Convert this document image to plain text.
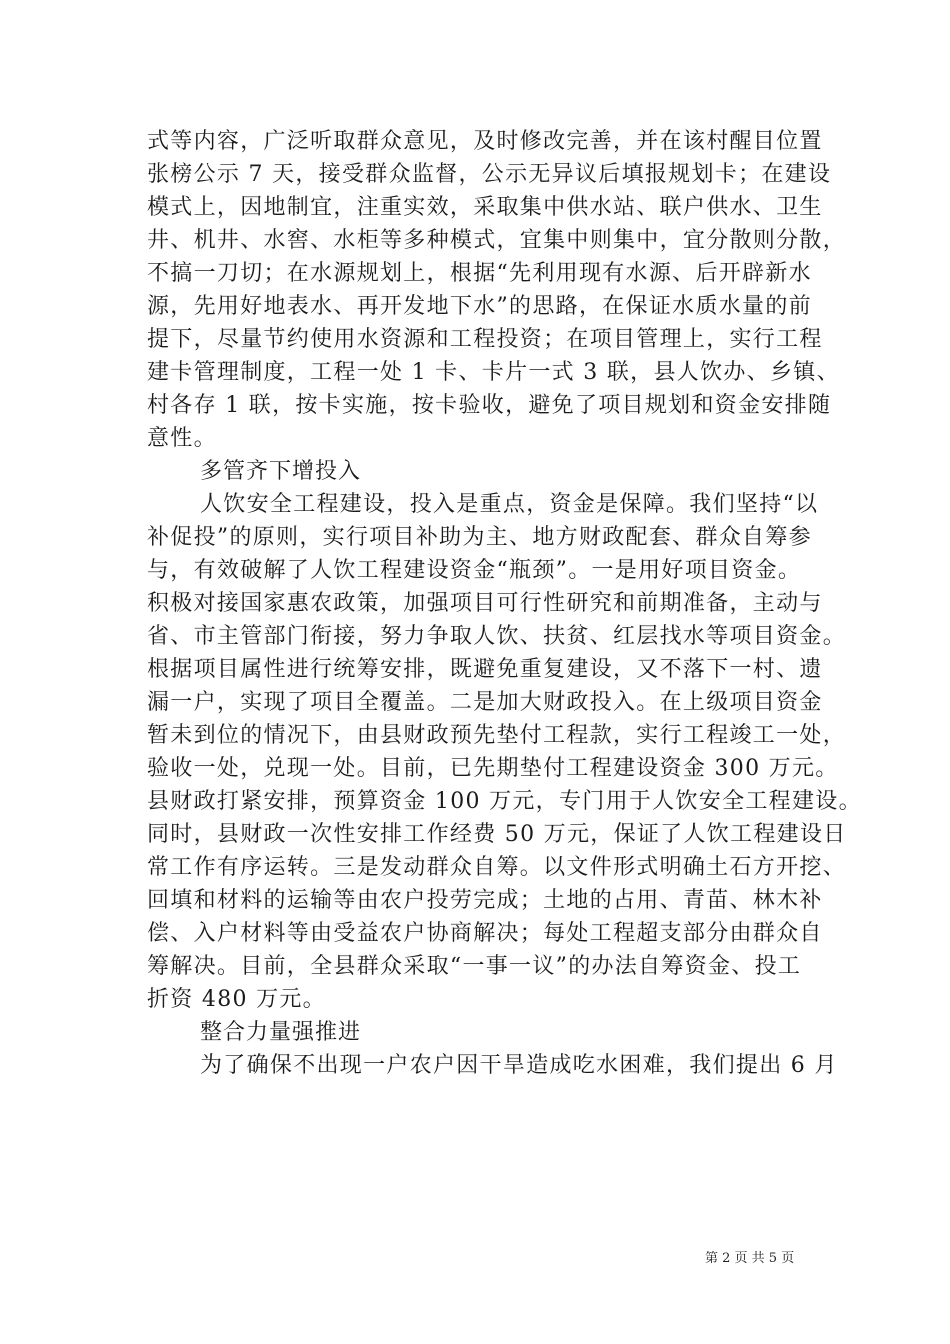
式等内容，广泛听取群众意见，及时修改完善，并在该村醒目位置
张榜公示 7 天，接受群众监督，公示无异议后填报规划卡；在建设
模式上，因地制宜，注重实效，采取集中供水站、联户供水、卫生
井、机井、水窖、水柜等多种模式，宜集中则集中，宜分散则分散，
不搞一刀切；在水源规划上，根据“先利用现有水源、后开辟新水
源，先用好地表水、再开发地下水”的思路，在保证水质水量的前
提下，尽量节约使用水资源和工程投资；在项目管理上，实行工程
建卡管理制度，工程一处 1 卡、卡片一式 3 联，县人饮办、乡镇、
村各存 1 联，按卡实施，按卡验收，避免了项目规划和资金安排随
意性。
多管齐下增投入
人饮安全工程建设，投入是重点，资金是保障。我们坚持“以
补促投”的原则，实行项目补助为主、地方财政配套、群众自筹参
与，有效破解了人饮工程建设资金“瓶颈”。一是用好项目资金。
积极对接国家惠农政策，加强项目可行性研究和前期准备，主动与
省、市主管部门衔接，努力争取人饮、扶贫、红层找水等项目资金。
根据项目属性进行统筹安排，既避免重复建设，又不落下一村、遗
漏一户，实现了项目全覆盖。二是加大财政投入。在上级项目资金
暂未到位的情况下，由县财政预先垫付工程款，实行工程竣工一处，
验收一处，兑现一处。目前，已先期垫付工程建设资金 300 万元。
县财政打紧安排，预算资金 100 万元，专门用于人饮安全工程建设。
同时，县财政一次性安排工作经费 50 万元，保证了人饮工程建设日
常工作有序运转。三是发动群众自筹。以文件形式明确土石方开挖、
回填和材料的运输等由农户投劳完成；土地的占用、青苗、林木补
偿、入户材料等由受益农户协商解决；每处工程超支部分由群众自
筹解决。目前，全县群众采取“一事一议”的办法自筹资金、投工
折资 480 万元。
整合力量强推进
为了确保不出现一户农户因干旱造成吃水困难，我们提出 6 月
第 2 页 共 5 页
